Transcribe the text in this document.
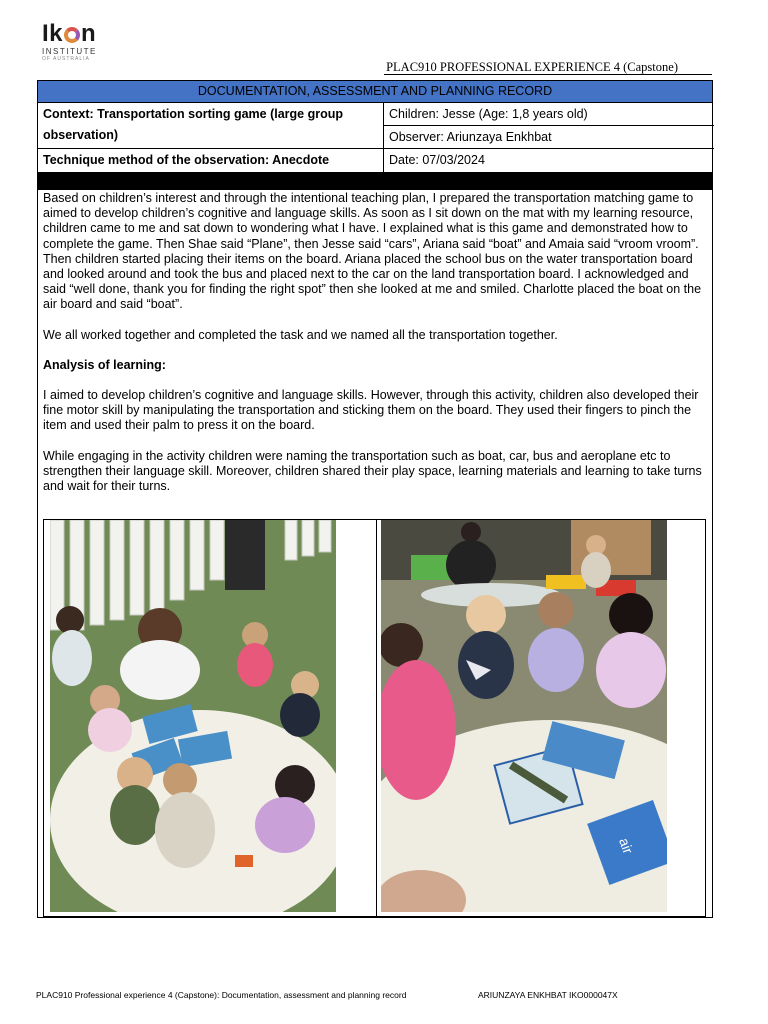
Ik n
INSTITUTE
OF AUSTRALIA
PLAC910 PROFESSIONAL EXPERIENCE 4 (Capstone)
DOCUMENTATION, ASSESSMENT AND PLANNING RECORD
Context: Transportation sorting game (large group
observation)
Technique method of the observation: Anecdote
Children: Jesse (Age: 1,8 years old)
Observer: Ariunzaya Enkhbat
Date: 07/03/2024

Based on children’s interest and through the intentional teaching plan, I prepared the transportation matching game to aimed to develop children’s cognitive and language skills. As soon as I sit down on the mat with my learning resource, children came to me and sat down to wondering what I have. I explained what is this game and demonstrated how to complete the game. Then Shae said “Plane”, then Jesse said “cars”, Ariana said “boat” and Amaia said “vroom vroom”. Then children started placing their items on the board. Ariana placed the school bus on the water transportation board and looked around and took the bus and placed next to the car on the land transportation board. I acknowledged and said “well done, thank you for finding the right spot” then she looked at me and smiled. Charlotte placed the boat on the air board and said “boat”.

We all worked together and completed the task and we named all the transportation together.

Analysis of learning:

I aimed to develop children’s cognitive and language skills. However, through this activity, children also developed their fine motor skill by manipulating the transportation and sticking them on the board. They used their fingers to pinch the item and used their palm to press it on the board.

While engaging in the activity children were naming the transportation such as boat, car, bus and aeroplane etc to strengthen their language skill. Moreover, children shared their play space, learning materials and learning to take turns and wait for their turns.

air
PLAC910 Professional experience 4 (Capstone): Documentation, assessment and planning record	ARIUNZAYA ENKHBAT IKO000047X
